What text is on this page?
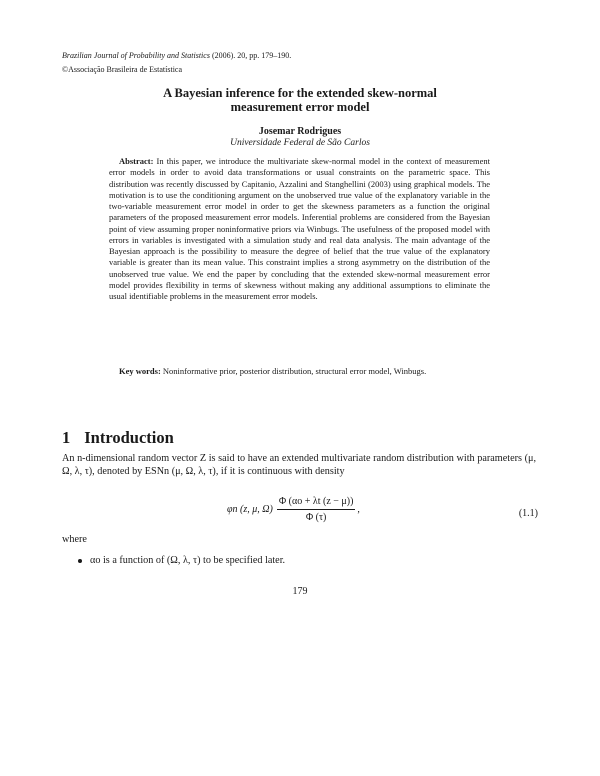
Brazilian Journal of Probability and Statistics (2006). 20, pp. 179–190.
©Associação Brasileira de Estatística
A Bayesian inference for the extended skew-normal
measurement error model
Josemar Rodrigues
Universidade Federal de São Carlos

Abstract: In this paper, we introduce the multivariate skew-normal model in the context of measurement error models in order to avoid data transformations or usual constraints on the parametric space. This distribution was recently discussed by Capitanio, Azzalini and Stanghellini (2003) using graphical models. The motivation is to use the conditioning argument on the unobserved true value of the explanatory variable in the two-variable measurement error model in order to get the skewness parameters as a function the original parameters of the proposed measurement error models. Inferential problems are considered from the Bayesian point of view assuming proper noninformative priors via Winbugs. The usefulness of the proposed model with errors in variables is investigated with a simulation study and real data analysis. The main advantage of the Bayesian approach is the possibility to measure the degree of belief that the true value of the explanatory variable is greater than its mean value. This constraint implies a strong asymmetry on the distribution of the unobserved true value. We end the paper by concluding that the extended skew-normal measurement error model provides flexibility in terms of skewness without making any additional assumptions to eliminate the usual identifiable problems in the measurement error models.

Key words: Noninformative prior, posterior distribution, structural error model, Winbugs.

1 Introduction

An n-dimensional random vector Z is said to have an extended multivariate random distribution with parameters (μ, Ω, λ, τ), denoted by ESNn (μ, Ω, λ, τ), if it is continuous with density

φn (z, μ, $\Omega) \frac{\Phi (\alpha o + \lambda t (z - \mu))}{\Phi (\tau)}$ ,	(1.1)
where
αo is a function of (Ω, λ, τ) to be specified later.
179
